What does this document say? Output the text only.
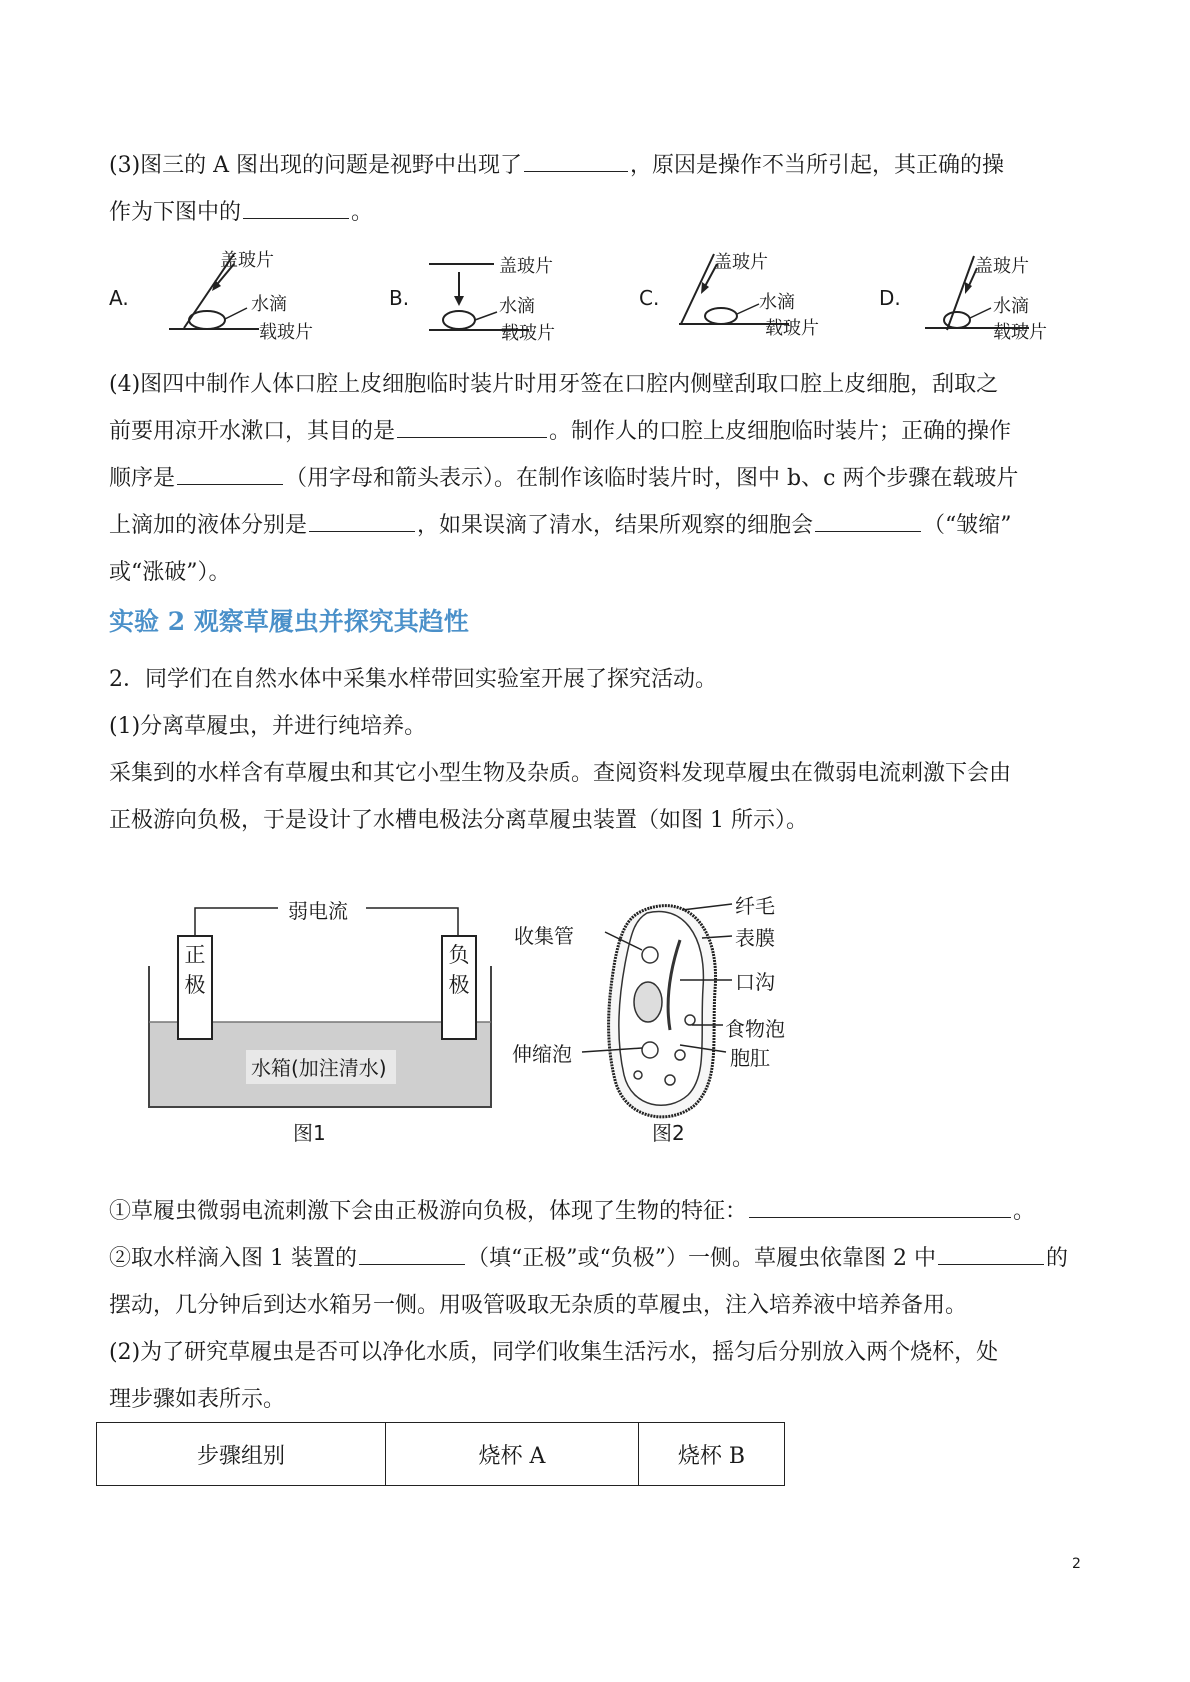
(3)图三的 A 图出现的问题是视野中出现了	，原因是操作不当所引起，其正确的操

作为下图中的	。

A.
盖玻片
水滴
载玻片
B.
盖玻片
水滴
载玻片
C.
盖玻片
水滴
载玻片
D.
盖玻片
水滴
载玻片

(4)图四中制作人体口腔上皮细胞临时装片时用牙签在口腔内侧壁刮取口腔上皮细胞，刮取之

前要用凉开水漱口，其目的是	。制作人的口腔上皮细胞临时装片；正确的操作

顺序是	（用字母和箭头表示）。在制作该临时装片时，图中 b、c 两个步骤在载玻片

上滴加的液体分别是	，如果误滴了清水，结果所观察的细胞会	（“皱缩”

或“涨破”）。

实验 2 观察草履虫并探究其趋性

2．同学们在自然水体中采集水样带回实验室开展了探究活动。

(1)分离草履虫，并进行纯培养。

采集到的水样含有草履虫和其它小型生物及杂质。查阅资料发现草履虫在微弱电流刺激下会由

正极游向负极，于是设计了水槽电极法分离草履虫装置（如图 1 所示）。

弱电流
正极
负极
水箱(加注清水)
图1
纤毛
表膜
口沟
食物泡
胞肛
收集管
伸缩泡
图2

①草履虫微弱电流刺激下会由正极游向负极，体现了生物的特征：	。

②取水样滴入图 1 装置的	（填“正极”或“负极”）一侧。草履虫依靠图 2 中	的

摆动，几分钟后到达水箱另一侧。用吸管吸取无杂质的草履虫，注入培养液中培养备用。

(2)为了研究草履虫是否可以净化水质，同学们收集生活污水，摇匀后分别放入两个烧杯，处

理步骤如表所示。

步骤组别	烧杯 A	烧杯 B
2
